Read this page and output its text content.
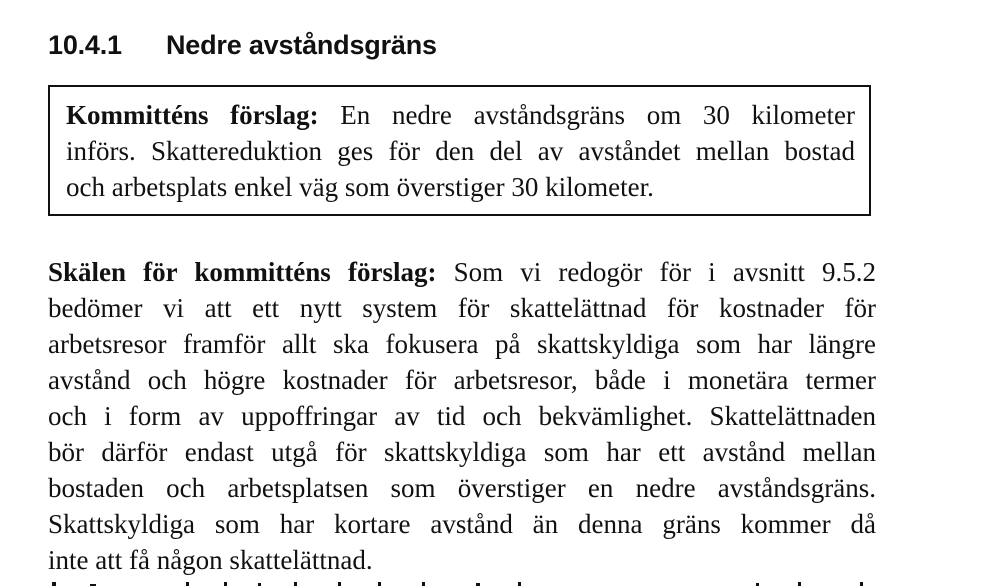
10.4.1 Nedre avståndsgräns
Kommitténs förslag: En nedre avståndsgräns om 30 kilometer
införs. Skattereduktion ges för den del av avståndet mellan bostad
och arbetsplats enkel väg som överstiger 30 kilometer.
Skälen för kommitténs förslag: Som vi redogör för i avsnitt 9.5.2
bedömer vi att ett nytt system för skattelättnad för kostnader för
arbetsresor framför allt ska fokusera på skattskyldiga som har längre
avstånd och högre kostnader för arbetsresor, både i monetära termer
och i form av uppoffringar av tid och bekvämlighet. Skattelättnaden
bör därför endast utgå för skattskyldiga som har ett avstånd mellan
bostaden och arbetsplatsen som överstiger en nedre avståndsgräns.
Skattskyldiga som har kortare avstånd än denna gräns kommer då
inte att få någon skattelättnad.
